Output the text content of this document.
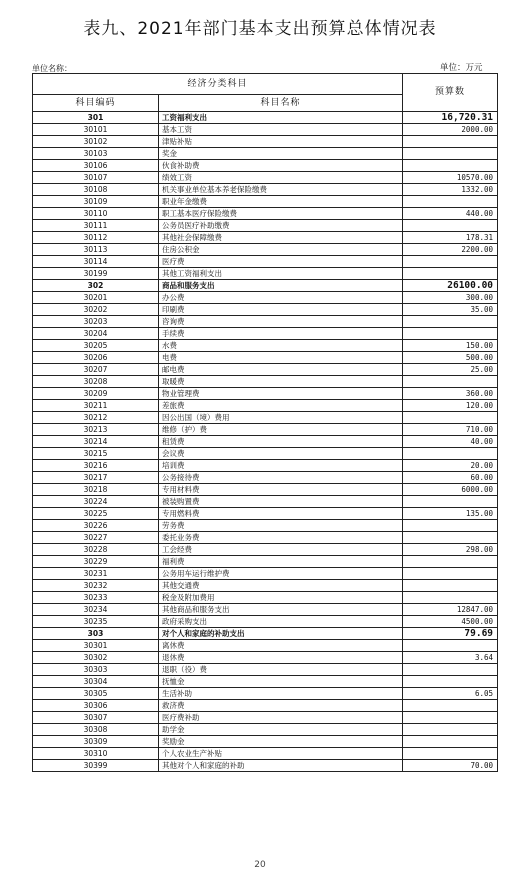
表九、2021年部门基本支出预算总体情况表
单位名称：	单位：万元
经济分类科目		预算数
科目编码	科目名称	
301	工资福利支出	16,720.31
30101	基本工资	2000.00
30102	津贴补贴	
30103	奖金	
30106	伙食补助费	
30107	绩效工资	10570.00
30108	机关事业单位基本养老保险缴费	1332.00
30109	职业年金缴费	
30110	职工基本医疗保险缴费	440.00
30111	公务员医疗补助缴费	
30112	其他社会保障缴费	178.31
30113	住房公积金	2200.00
30114	医疗费	
30199	其他工资福利支出	
302	商品和服务支出	26100.00
30201	办公费	300.00
30202	印刷费	35.00
30203	咨询费	
30204	手续费	
30205	水费	150.00
30206	电费	500.00
30207	邮电费	25.00
30208	取暖费	
30209	物业管理费	360.00
30211	差旅费	120.00
30212	因公出国（境）费用	
30213	维修（护）费	710.00
30214	租赁费	40.00
30215	会议费	
30216	培训费	20.00
30217	公务接待费	60.00
30218	专用材料费	6000.00
30224	被装购置费	
30225	专用燃料费	135.00
30226	劳务费	
30227	委托业务费	
30228	工会经费	298.00
30229	福利费	
30231	公务用车运行维护费	
30232	其他交通费	
30233	税金及附加费用	
30234	其他商品和服务支出	12847.00
30235	政府采购支出	4500.00
303	对个人和家庭的补助支出	79.69
30301	离休费	
30302	退休费	3.64
30303	退职（役）费	
30304	抚恤金	
30305	生活补助	6.05
30306	救济费	
30307	医疗费补助	
30308	助学金	
30309	奖励金	
30310	个人农业生产补贴	
30399	其他对个人和家庭的补助	70.00
20
